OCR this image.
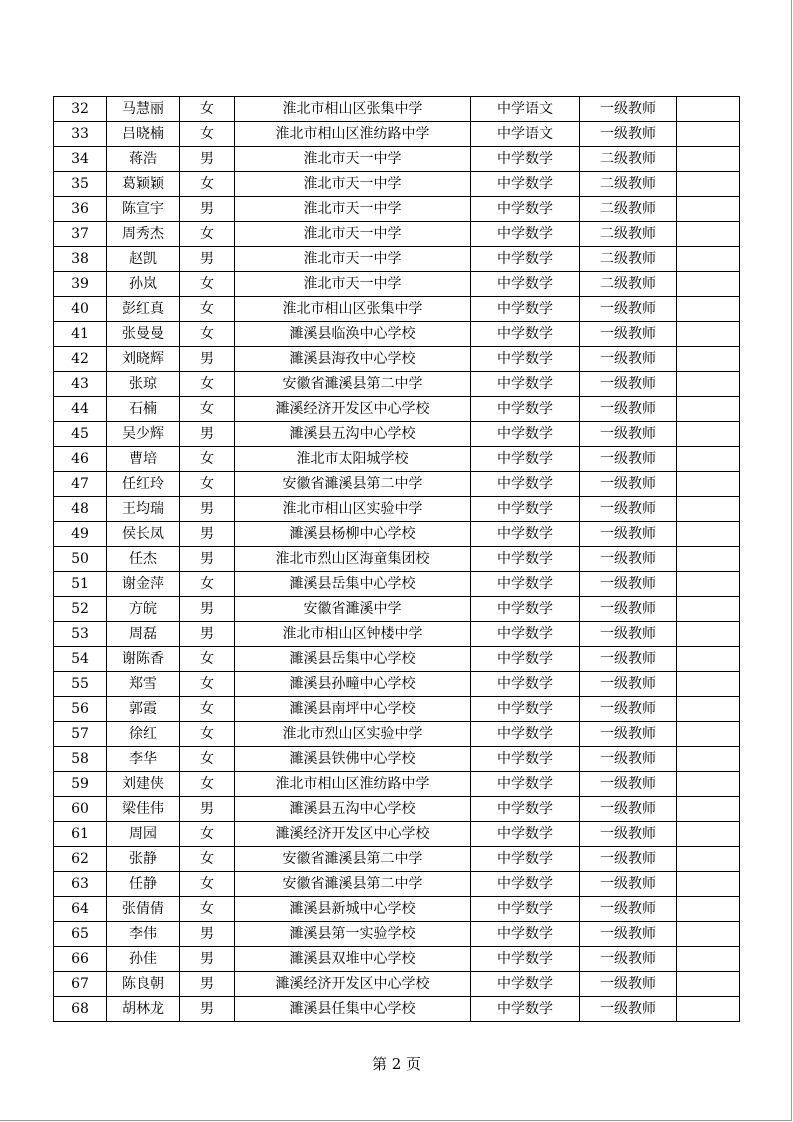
32	马慧丽	女	淮北市相山区张集中学	中学语文	一级教师	
33	吕晓楠	女	淮北市相山区淮纺路中学	中学语文	一级教师	
34	蒋浩	男	淮北市天一中学	中学数学	二级教师	
35	葛颖颖	女	淮北市天一中学	中学数学	二级教师	
36	陈宣宇	男	淮北市天一中学	中学数学	二级教师	
37	周秀杰	女	淮北市天一中学	中学数学	二级教师	
38	赵凯	男	淮北市天一中学	中学数学	二级教师	
39	孙岚	女	淮北市天一中学	中学数学	二级教师	
40	彭红真	女	淮北市相山区张集中学	中学数学	一级教师	
41	张曼曼	女	濉溪县临涣中心学校	中学数学	一级教师	
42	刘晓辉	男	濉溪县海孜中心学校	中学数学	一级教师	
43	张琼	女	安徽省濉溪县第二中学	中学数学	一级教师	
44	石楠	女	濉溪经济开发区中心学校	中学数学	一级教师	
45	吴少辉	男	濉溪县五沟中心学校	中学数学	一级教师	
46	曹培	女	淮北市太阳城学校	中学数学	一级教师	
47	任红玲	女	安徽省濉溪县第二中学	中学数学	一级教师	
48	王均瑞	男	淮北市相山区实验中学	中学数学	一级教师	
49	侯长凤	男	濉溪县杨柳中心学校	中学数学	一级教师	
50	任杰	男	淮北市烈山区海童集团校	中学数学	一级教师	
51	谢金萍	女	濉溪县岳集中心学校	中学数学	一级教师	
52	方皖	男	安徽省濉溪中学	中学数学	一级教师	
53	周磊	男	淮北市相山区钟楼中学	中学数学	一级教师	
54	谢陈香	女	濉溪县岳集中心学校	中学数学	一级教师	
55	郑雪	女	濉溪县孙疃中心学校	中学数学	一级教师	
56	郭霞	女	濉溪县南坪中心学校	中学数学	一级教师	
57	徐红	女	淮北市烈山区实验中学	中学数学	一级教师	
58	李华	女	濉溪县铁佛中心学校	中学数学	一级教师	
59	刘建侠	女	淮北市相山区淮纺路中学	中学数学	一级教师	
60	梁佳伟	男	濉溪县五沟中心学校	中学数学	一级教师	
61	周园	女	濉溪经济开发区中心学校	中学数学	一级教师	
62	张静	女	安徽省濉溪县第二中学	中学数学	一级教师	
63	任静	女	安徽省濉溪县第二中学	中学数学	一级教师	
64	张倩倩	女	濉溪县新城中心学校	中学数学	一级教师	
65	李伟	男	濉溪县第一实验学校	中学数学	一级教师	
66	孙佳	男	濉溪县双堆中心学校	中学数学	一级教师	
67	陈良朝	男	濉溪经济开发区中心学校	中学数学	一级教师	
68	胡林龙	男	濉溪县任集中心学校	中学数学	一级教师	
第 2 页
